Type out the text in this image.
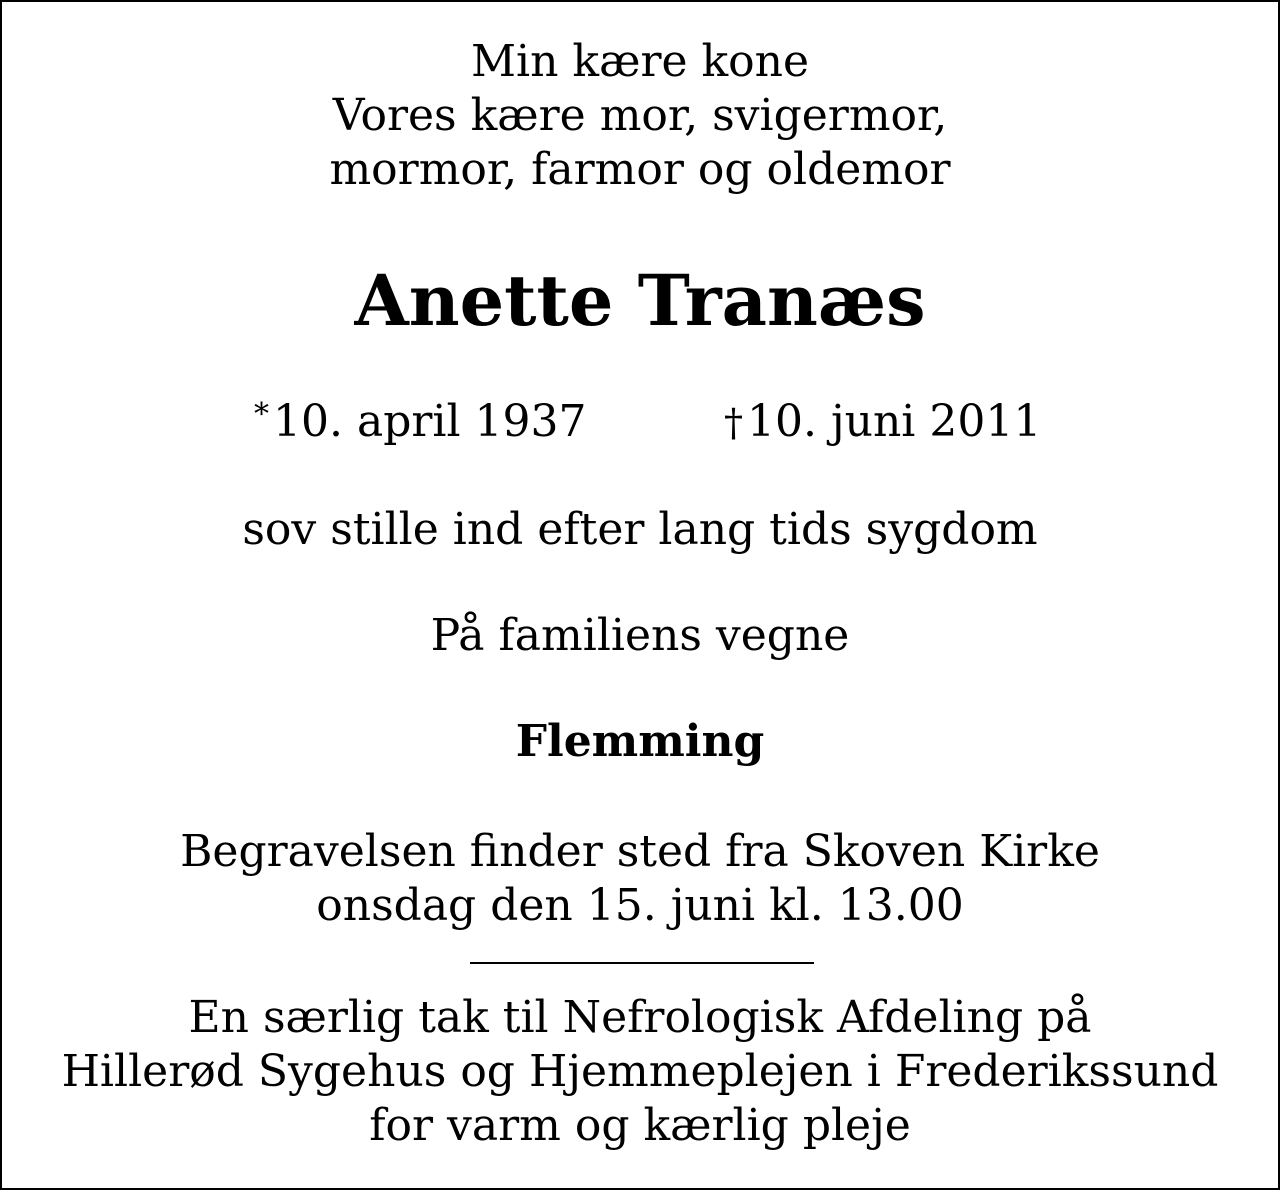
Min kære kone
Vores kære mor, svigermor,
mormor, farmor og oldemor
Anette Tranæs
*10. april 1937	†10. juni 2011
sov stille ind efter lang tids sygdom
På familiens vegne
Flemming
Begravelsen finder sted fra Skoven Kirke
onsdag den 15. juni kl. 13.00
En særlig tak til Nefrologisk Afdeling på
Hillerød Sygehus og Hjemmeplejen i Frederikssund
for varm og kærlig pleje
